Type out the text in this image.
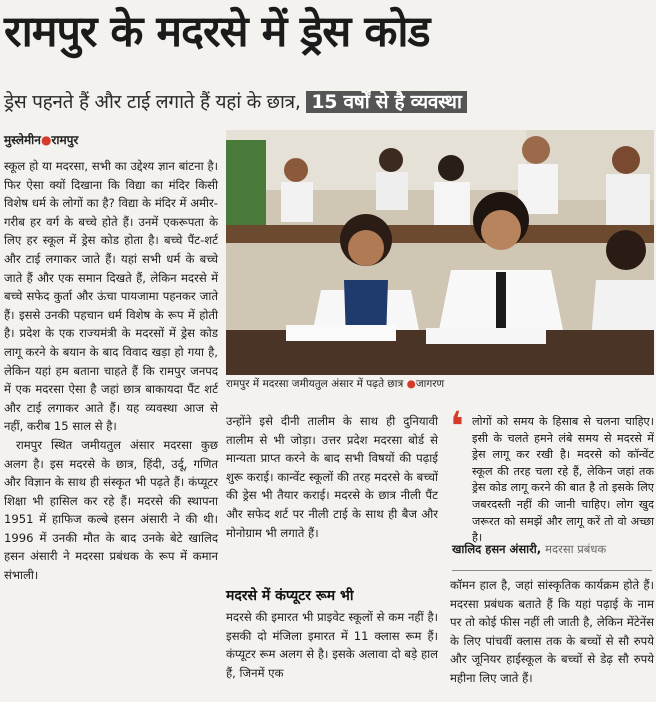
रामपुर के मदरसे में ड्रेस कोड
ड्रेस पहनते हैं और टाई लगाते हैं यहां के छात्र, 15 वर्षों से है व्यवस्था
मुस्लेमीन●रामपुर

स्कूल हो या मदरसा, सभी का उद्देश्य ज्ञान बांटना है। फिर ऐसा क्यों दिखाना कि विद्या का मंदिर किसी विशेष धर्म के लोगों का है? विद्या के मंदिर में अमीर-गरीब हर वर्ग के बच्चे होते हैं। उनमें एकरूपता के लिए हर स्कूल में ड्रेस कोड होता है। बच्चे पैंट-शर्ट और टाई लगाकर जाते हैं। यहां सभी धर्म के बच्चे जाते हैं और एक समान दिखते हैं, लेकिन मदरसे में बच्चे सफेद कुर्ता और ऊंचा पायजामा पहनकर जाते हैं। इससे उनकी पहचान धर्म विशेष के रूप में होती है। प्रदेश के एक राज्यमंत्री के मदरसों में ड्रेस कोड लागू करने के बयान के बाद विवाद खड़ा हो गया है, लेकिन यहां हम बताना चाहते हैं कि रामपुर जनपद में एक मदरसा ऐसा है जहां छात्र बाकायदा पैंट शर्ट और टाई लगाकर आते हैं। यह व्यवस्था आज से नहीं, करीब 15 साल से है।

रामपुर स्थित जमीयतुल अंसार मदरसा कुछ अलग है। इस मदरसे के छात्र, हिंदी, उर्दू, गणित और विज्ञान के साथ ही संस्कृत भी पढ़ते हैं। कंप्यूटर शिक्षा भी हासिल कर रहे हैं। मदरसे की स्थापना 1951 में हाफिज कल्बे हसन अंसारी ने की थी। 1996 में उनकी मौत के बाद उनके बेटे खालिद हसन अंसारी ने मदरसा प्रबंधक के रूप में कमान संभाली।

रामपुर में मदरसा जमीयतुल अंसार में पढ़ते छात्र ●जागरण

उन्होंने इसे दीनी तालीम के साथ ही दुनियावी तालीम से भी जोड़ा। उत्तर प्रदेश मदरसा बोर्ड से मान्यता प्राप्त करने के बाद सभी विषयों की पढ़ाई शुरू कराई। कान्वेंट स्कूलों की तरह मदरसे के बच्चों की ड्रेस भी तैयार कराई। मदरसे के छात्र नीली पैंट और सफेद शर्ट पर नीली टाई के साथ ही बैज और मोनोग्राम भी लगाते हैं।

मदरसे में कंप्यूटर रूम भी

मदरसे की इमारत भी प्राइवेट स्कूलों से कम नहीं है। इसकी दो मंजिला इमारत में 11 क्लास रूम हैं। कंप्यूटर रूम अलग से है। इसके अलावा दो बड़े हाल हैं, जिनमें एक

❛ लोगों को समय के हिसाब से चलना चाहिए। इसी के चलते हमने लंबे समय से मदरसे में ड्रेस लागू कर रखी है। मदरसे को कॉन्वेंट स्कूल की तरह चला रहे हैं, लेकिन जहां तक ड्रेस कोड लागू करने की बात है तो इसके लिए जबरदस्ती नहीं की जानी चाहिए। लोग खुद जरूरत को समझें और लागू करें तो वो अच्छा है।
खालिद हसन अंसारी, मदरसा प्रबंधक

कॉमन हाल है, जहां सांस्कृतिक कार्यक्रम होते हैं। मदरसा प्रबंधक बताते हैं कि यहां पढ़ाई के नाम पर तो कोई फीस नहीं ली जाती है, लेकिन मेंटेनेंस के लिए पांचवीं क्लास तक के बच्चों से सौ रुपये और जूनियर हाईस्कूल के बच्चों से डेढ़ सौ रुपये महीना लिए जाते हैं।
